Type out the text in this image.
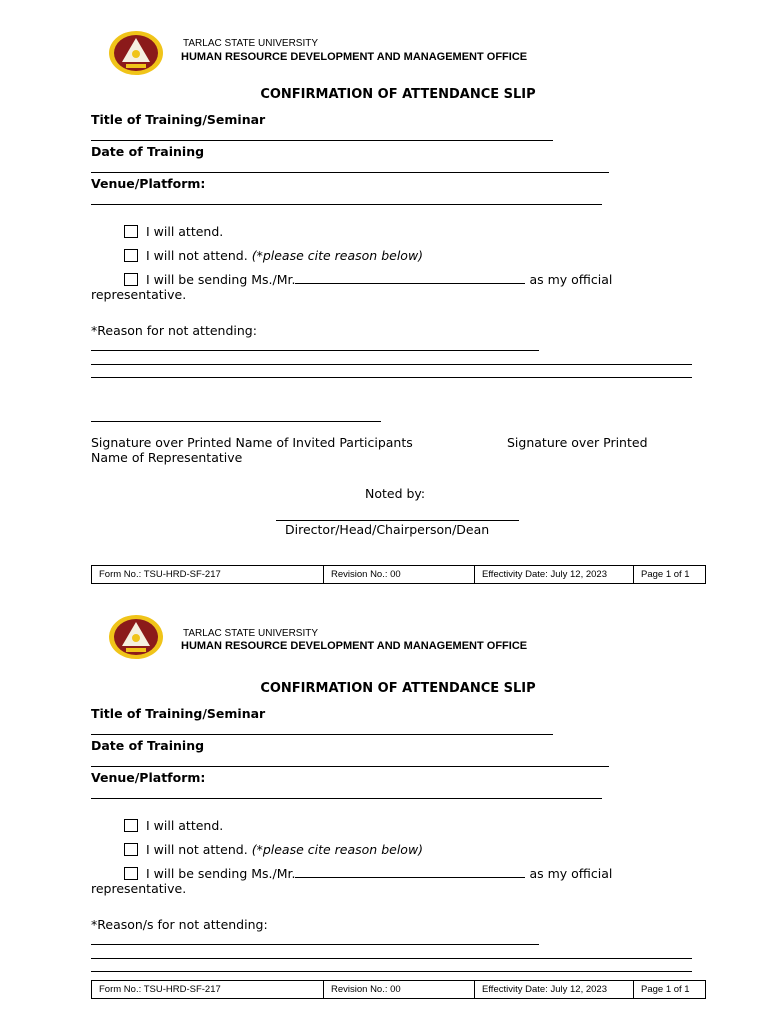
TARLAC STATE UNIVERSITY
HUMAN RESOURCE DEVELOPMENT AND MANAGEMENT OFFICE
CONFIRMATION OF ATTENDANCE SLIP
Title of Training/Seminar
Date of Training
Venue/Platform:
I will attend.
I will not attend. (*please cite reason below)
I will be sending Ms./Mr.	as my official
representative.
*Reason for not attending:
Signature over Printed Name of Invited Participants	Signature over Printed
Name of Representative
Noted by:
Director/Head/Chairperson/Dean
Form No.: TSU-HRD-SF-217	Revision No.: 00	Effectivity Date: July 12, 2023	Page 1 of 1
TARLAC STATE UNIVERSITY
HUMAN RESOURCE DEVELOPMENT AND MANAGEMENT OFFICE
CONFIRMATION OF ATTENDANCE SLIP
Title of Training/Seminar
Date of Training
Venue/Platform:
I will attend.
I will not attend. (*please cite reason below)
I will be sending Ms./Mr.	as my official
representative.
*Reason/s for not attending:
Form No.: TSU-HRD-SF-217	Revision No.: 00	Effectivity Date: July 12, 2023	Page 1 of 1
